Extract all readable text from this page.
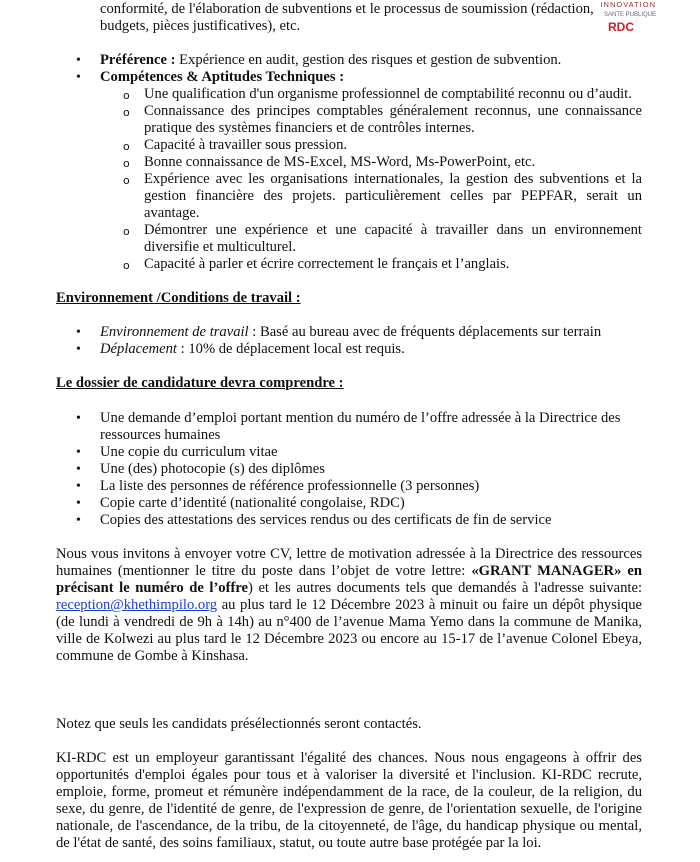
INNOVATION
SANTE PUBLIQUE
RDC
conformité, de l'élaboration de subventions et le processus de soumission (rédaction,
budgets, pièces justificatives), etc.
• Préférence : Expérience en audit, gestion des risques et gestion de subvention.
• Compétences & Aptitudes Techniques :
o Une qualification d'un organisme professionnel de comptabilité reconnu ou d’audit.
o Connaissance des principes comptables généralement reconnus, une connaissance pratique des systèmes financiers et de contrôles internes.
o Capacité à travailler sous pression.
o Bonne connaissance de MS-Excel, MS-Word, Ms-PowerPoint, etc.
o Expérience avec les organisations internationales, la gestion des subventions et la gestion financière des projets. particulièrement celles par PEPFAR, serait un avantage.
o Démontrer une expérience et une capacité à travailler dans un environnement diversifie et multiculturel.
o Capacité à parler et écrire correctement le français et l’anglais.
Environnement /Conditions de travail :
• Environnement de travail : Basé au bureau avec de fréquents déplacements sur terrain
• Déplacement : 10% de déplacement local est requis.
Le dossier de candidature devra comprendre :
• Une demande d’emploi portant mention du numéro de l’offre adressée à la Directrice des ressources humaines
• Une copie du curriculum vitae
• Une (des) photocopie (s) des diplômes
• La liste des personnes de référence professionnelle (3 personnes)
• Copie carte d’identité (nationalité congolaise, RDC)
• Copies des attestations des services rendus ou des certificats de fin de service
Nous vous invitons à envoyer votre CV, lettre de motivation adressée à la Directrice des ressources humaines (mentionner le titre du poste dans l’objet de votre lettre: «GRANT MANAGER» en précisant le numéro de l’offre) et les autres documents tels que demandés à l'adresse suivante: reception@khethimpilo.org au plus tard le 12 Décembre 2023 à minuit ou faire un dépôt physique (de lundi à vendredi de 9h à 14h) au n°400 de l’avenue Mama Yemo dans la commune de Manika, ville de Kolwezi au plus tard le 12 Décembre 2023 ou encore au 15-17 de l’avenue Colonel Ebeya, commune de Gombe à Kinshasa.
Notez que seuls les candidats présélectionnés seront contactés.
KI-RDC est un employeur garantissant l'égalité des chances. Nous nous engageons à offrir des opportunités d'emploi égales pour tous et à valoriser la diversité et l'inclusion. KI-RDC recrute, emploie, forme, promeut et rémunère indépendamment de la race, de la couleur, de la religion, du sexe, du genre, de l'identité de genre, de l'expression de genre, de l'orientation sexuelle, de l'origine nationale, de l'ascendance, de la tribu, de la citoyenneté, de l'âge, du handicap physique ou mental, de l'état de santé, des soins familiaux, statut, ou toute autre base protégée par la loi.
